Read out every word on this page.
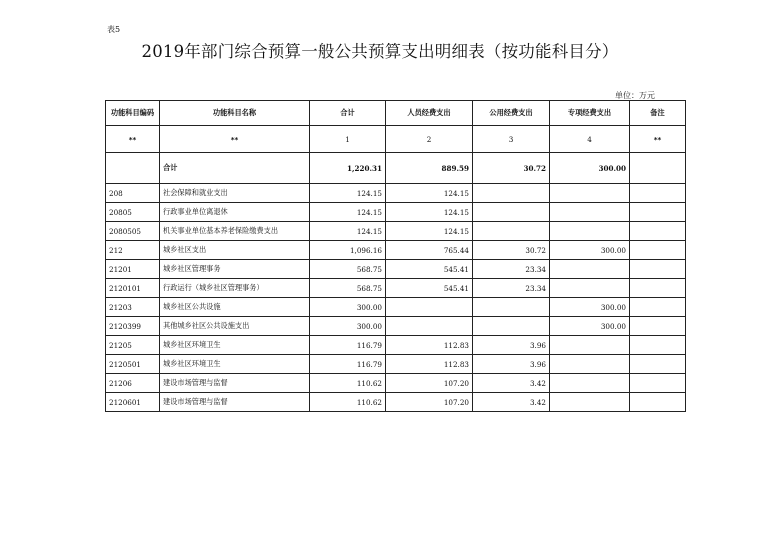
表5
2019年部门综合预算一般公共预算支出明细表（按功能科目分）
单位：万元
功能科目编码	功能科目名称	合计	人员经费支出	公用经费支出	专项经费支出	备注
**	**	1	2	3	4	**
	合计	1,220.31	889.59	30.72	300.00	
208	社会保障和就业支出	124.15	124.15			
20805	行政事业单位离退休	124.15	124.15			
2080505	机关事业单位基本养老保险缴费支出	124.15	124.15			
212	城乡社区支出	1,096.16	765.44	30.72	300.00	
21201	城乡社区管理事务	568.75	545.41	23.34		
2120101	行政运行（城乡社区管理事务）	568.75	545.41	23.34		
21203	城乡社区公共设施	300.00			300.00	
2120399	其他城乡社区公共设施支出	300.00			300.00	
21205	城乡社区环境卫生	116.79	112.83	3.96		
2120501	城乡社区环境卫生	116.79	112.83	3.96		
21206	建设市场管理与监督	110.62	107.20	3.42		
2120601	建设市场管理与监督	110.62	107.20	3.42		
